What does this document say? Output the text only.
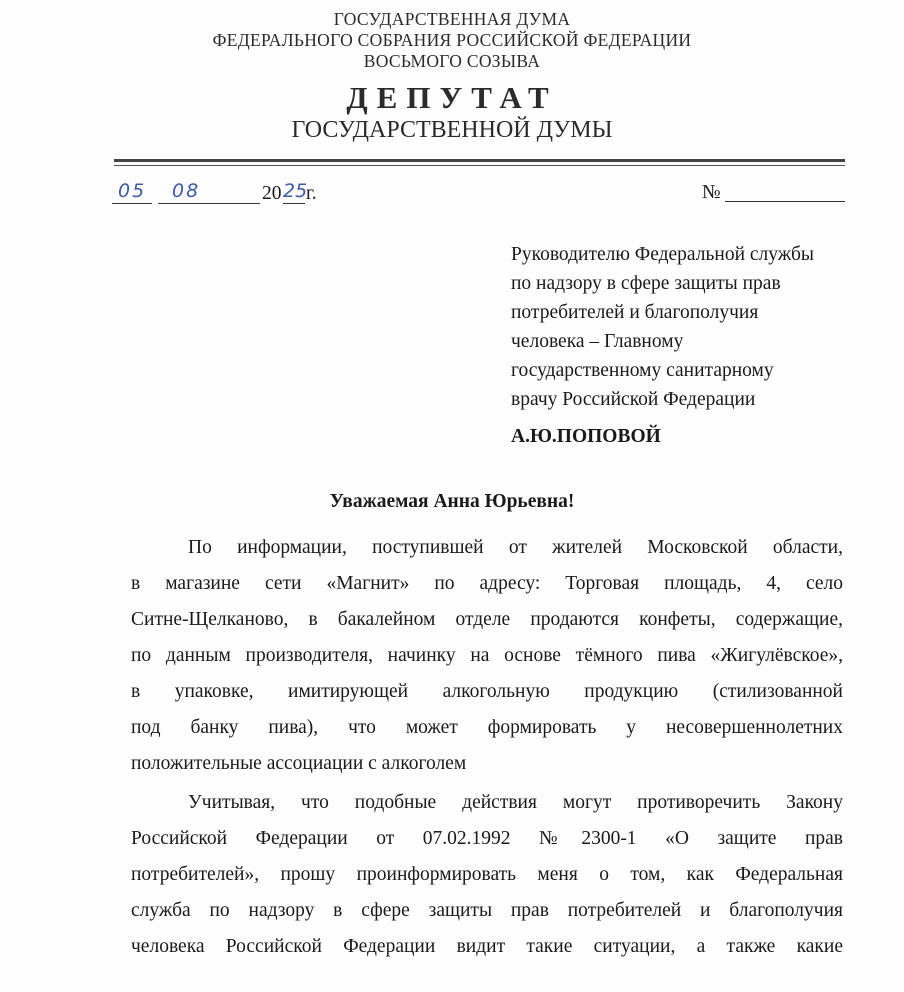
ГОСУДАРСТВЕННАЯ ДУМА
ФЕДЕРАЛЬНОГО СОБРАНИЯ РОССИЙСКОЙ ФЕДЕРАЦИИ
ВОСЬМОГО СОЗЫВА
ДЕПУТАТ
ГОСУДАРСТВЕННОЙ ДУМЫ
05 08	20 25
г.	№
Руководителю Федеральной службы
по надзору в сфере защиты прав
потребителей и благополучия
человека – Главному
государственному санитарному
врачу Российской Федерации
А.Ю.ПОПОВОЙ
Уважаемая Анна Юрьевна!
По информации, поступившей от жителей Московской области,
в магазине сети «Магнит» по адресу: Торговая площадь, 4, село
Ситне-Щелканово, в бакалейном отделе продаются конфеты, содержащие,
по данным производителя, начинку на основе тёмного пива «Жигулёвское»,
в упаковке, имитирующей алкогольную продукцию (стилизованной
под банку пива), что может формировать у несовершеннолетних
положительные ассоциации с алкоголем
Учитывая, что подобные действия могут противоречить Закону
Российской Федерации от 07.02.1992 №2300-1 «О защите прав
потребителей», прошу проинформировать меня о том, как Федеральная
служба по надзору в сфере защиты прав потребителей и благополучия
человека Российской Федерации видит такие ситуации, а также какие
